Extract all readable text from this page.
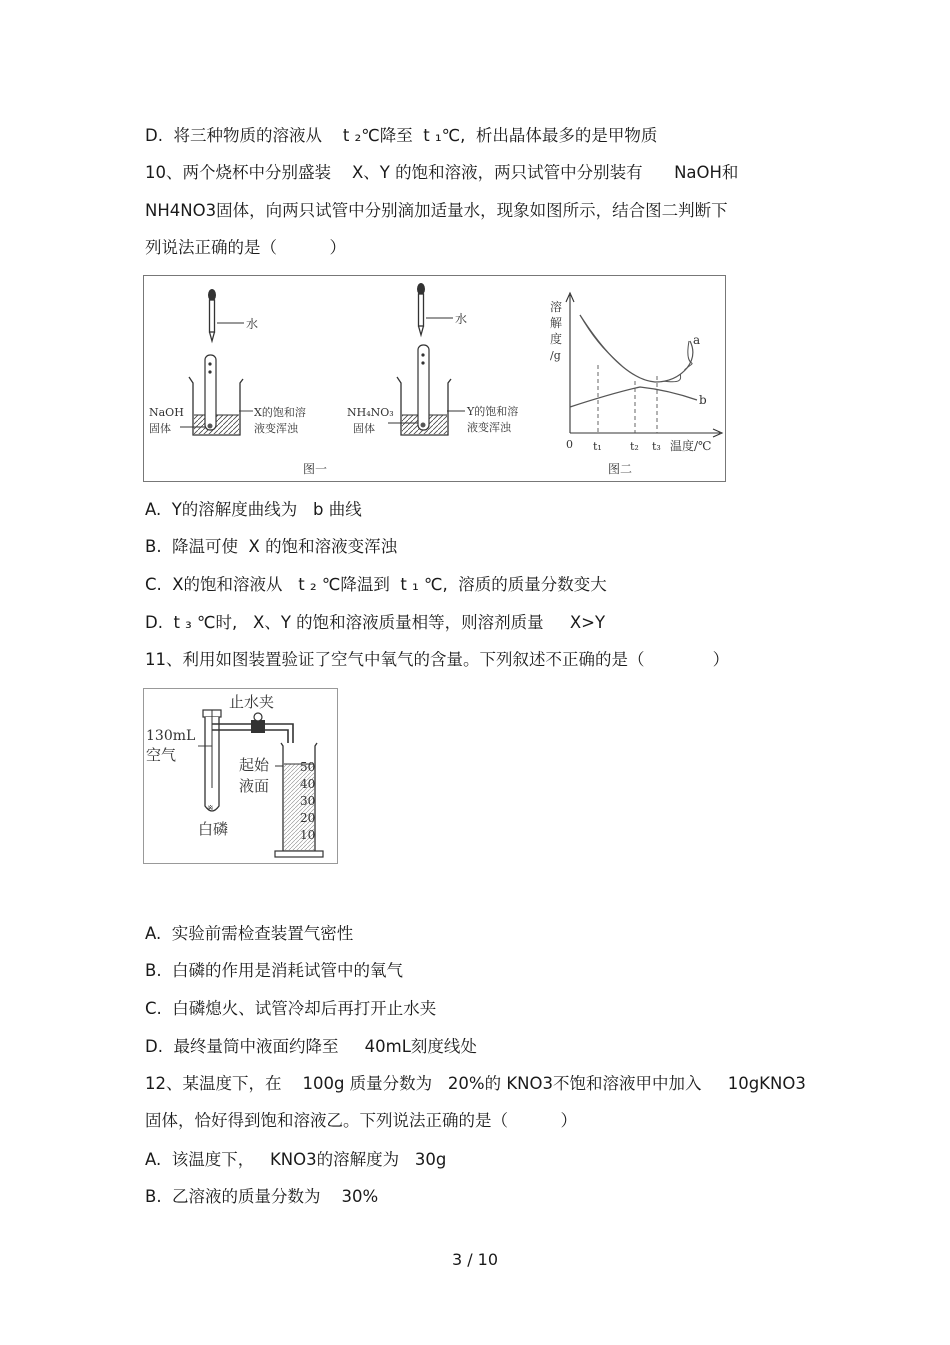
D.  将三种物质的溶液从    t ₂℃降至  t ₁℃,  析出晶体最多的是甲物质
10、两个烧杯中分别盛装    X、Y 的饱和溶液，两只试管中分别装有      NaOH和
NH4NO3固体，向两只试管中分别滴加适量水，现象如图所示，结合图二判断下
列说法正确的是（          ）
水
NaOH
固体
X的饱和溶
液变浑浊
图一
水
NH₄NO₃
固体
Y的饱和溶
液变浑浊
溶
解
度
/g
a
b
0 t₁	t₂ t₃ 温度/℃
图二
A.  Y的溶解度曲线为   b 曲线
B.  降温可使  X 的饱和溶液变浑浊
C.  X的饱和溶液从   t ₂ ℃降温到  t ₁ ℃,  溶质的质量分数变大
D.  t ₃ ℃时,   X、Y 的饱和溶液质量相等，则溶剂质量     X>Y
11、利用如图装置验证了空气中氧气的含量。下列叙述不正确的是（             ）
※
止水夹
130mL
空气
起始
液面
白磷
50
40
30
20
10
A.  实验前需检查装置气密性
B.  白磷的作用是消耗试管中的氧气
C.  白磷熄火、试管冷却后再打开止水夹
D.  最终量筒中液面约降至     40mL刻度线处
12、某温度下，在    100g 质量分数为   20%的 KNO3不饱和溶液甲中加入     10gKNO3
固体，恰好得到饱和溶液乙。下列说法正确的是（          ）
A.  该温度下，   KNO3的溶解度为   30g
B.  乙溶液的质量分数为    30%
3 / 10
